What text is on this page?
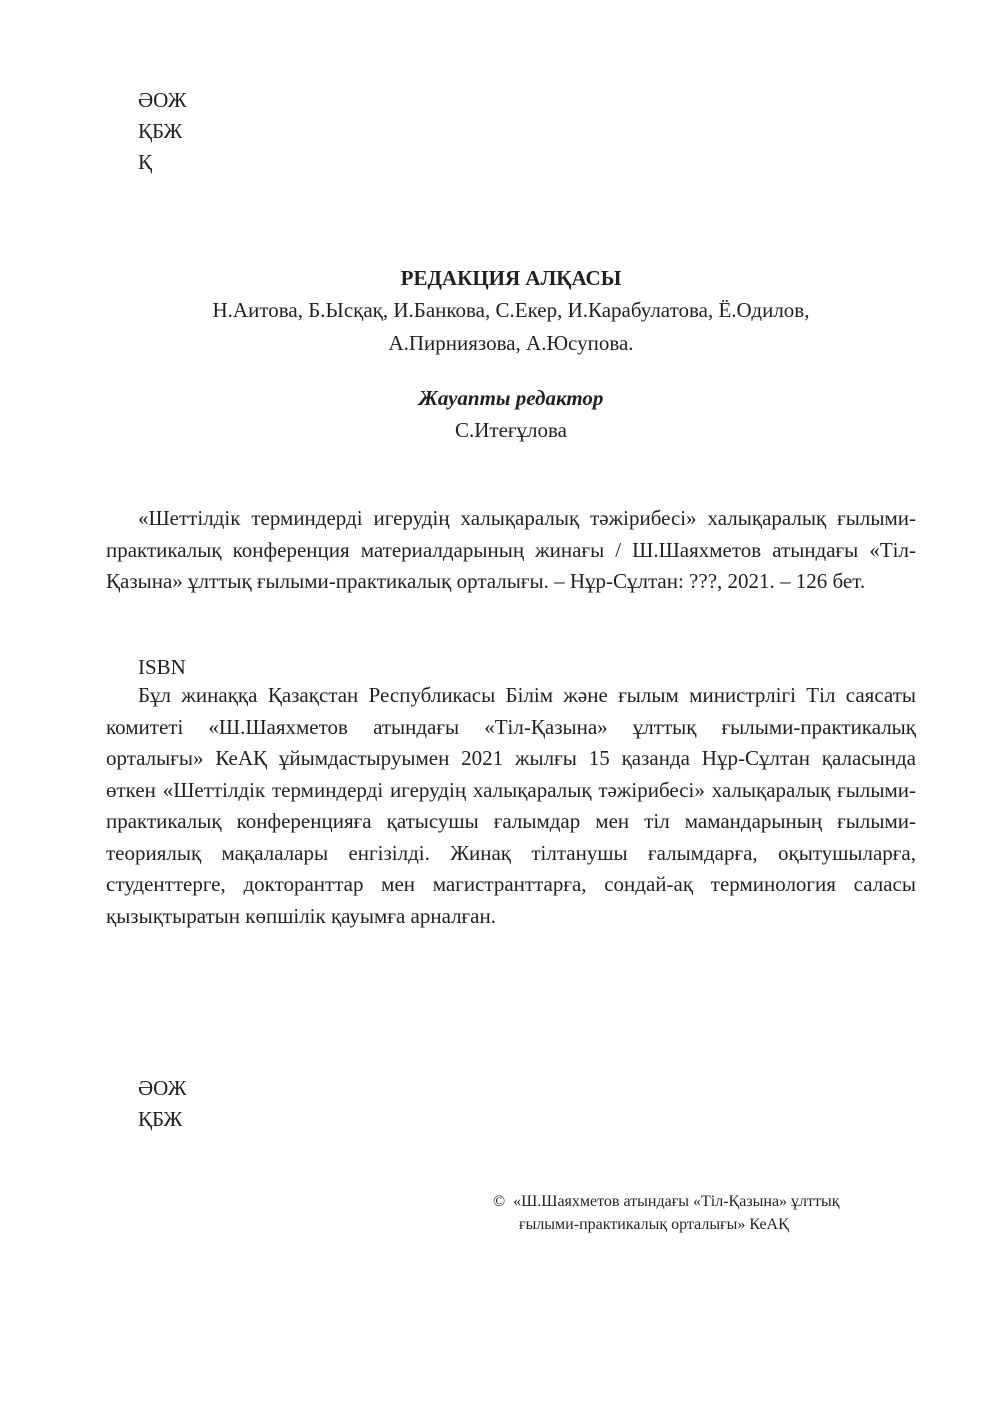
ӘОЖ
ҚБЖ
Қ
РЕДАКЦИЯ АЛҚАСЫ
Н.Аитова, Б.Ысқақ, И.Банкова, С.Екер, И.Карабулатова, Ё.Одилов,
А.Пирниязова, А.Юсупова.
Жауапты редактор
С.Итеғұлова

«Шеттілдік терминдерді игерудің халықаралық тәжірибесі» халықаралық ғылыми-практикалық конференция материалдарының жинағы / Ш.Шаяхметов атындағы «Тіл-Қазына» ұлттық ғылыми-практикалық орталығы. – Нұр-Сұлтан: ???, 2021. – 126 бет.

ISBN

Бұл жинаққа Қазақстан Республикасы Білім және ғылым министрлігі Тіл саясаты комитеті «Ш.Шаяхметов атындағы «Тіл-Қазына» ұлттық ғылыми-практикалық орталығы» КеАҚ ұйымдастыруымен 2021 жылғы 15 қазанда Нұр-Сұлтан қаласында өткен «Шеттілдік терминдерді игерудің халықаралық тәжірибесі» халықаралық ғылыми-практикалық конференцияға қатысушы ғалымдар мен тіл мамандарының ғылыми-теориялық мақалалары енгізілді. Жинақ тілтанушы ғалымдарға, оқытушыларға, студенттерге, докторанттар мен магистранттарға, сондай-ақ терминология саласы қызықтыратын көпшілік қауымға арналған.

ӘОЖ
ҚБЖ
© «Ш.Шаяхметов атындағы «Тіл-Қазына» ұлттық
ғылыми-практикалық орталығы» КеАҚ
